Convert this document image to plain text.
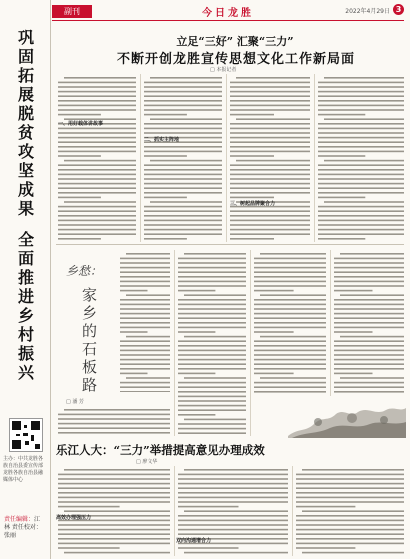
巩固拓展脱贫攻坚成果
全面推进乡村振兴
主办：中共龙胜各族自治县委宣传部 龙胜各族自治县融媒体中心
责任编辑：江林 责任校对：张丽
副刊	今日龙胜	2022年4月29日 3
立足“三好” 汇聚“三力”
不断开创龙胜宣传思想文化工作新局面
□ 本报记者
一、用好载体讲故事
二、抓实主阵地
三、树起品牌聚合力
乡愁：
家乡的石板路
□ 潘 芳
乐江人大：“三力”举措提高意见办理成效
□ 廖文华
高效办理强压力
双向沟通增合力
